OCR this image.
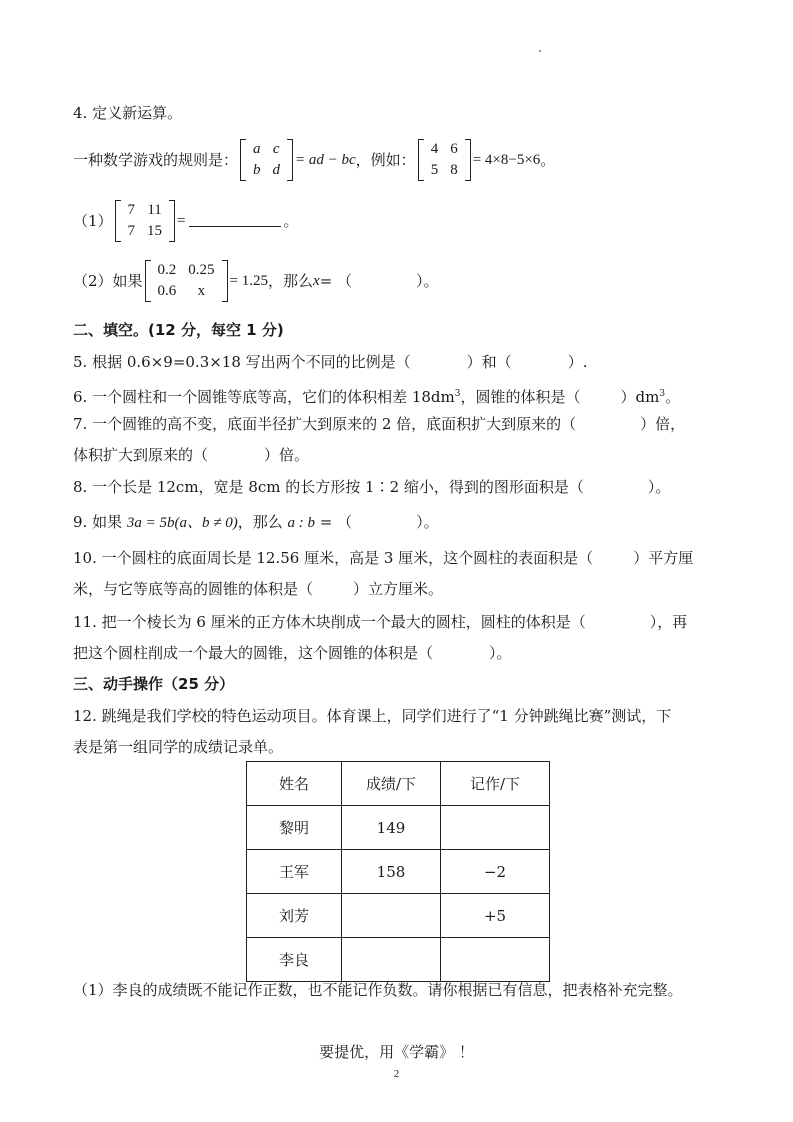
4. 定义新运算。
一种数学游戏的规则是：
a	c
b	d
= ad − bc ，例如：
4	6
5	8
= 4×8−5×6 。
（1）
7	11
7	15
=	。
（2）如果
0.2	0.25
0.6	x
= 1.25 ，那么 x = （	）。
二、填空。(12 分，每空 1 分)
5. 根据 0.6×9=0.3×18 写出两个不同的比例是（	）和（	）.
6. 一个圆柱和一个圆锥等底等高，它们的体积相差 $18dm^3$，圆锥的体积是（	）$dm^3$。
7. 一个圆锥的高不变，底面半径扩大到原来的 2 倍，底面积扩大到原来的（	）倍，
体积扩大到原来的（	）倍。
8. 一个长是 12cm，宽是 8cm 的长方形按 1∶2 缩小，得到的图形面积是（	）。
9. 如果 3a = 5b(a、b ≠ 0)，那么 a : b = （	）。
10. 一个圆柱的底面周长是 12.56 厘米，高是 3 厘米，这个圆柱的表面积是（	）平方厘
米，与它等底等高的圆锥的体积是（	）立方厘米。
11. 把一个棱长为 6 厘米的正方体木块削成一个最大的圆柱，圆柱的体积是（	），再
把这个圆柱削成一个最大的圆锥，这个圆锥的体积是（	）。
三、动手操作（25 分）
12. 跳绳是我们学校的特色运动项目。体育课上，同学们进行了“1 分钟跳绳比赛”测试，下
表是第一组同学的成绩记录单。
姓名	成绩/下	记作/下
黎明	149	
王军	158	−2
刘芳		+5
李良		
（1）李良的成绩既不能记作正数，也不能记作负数。请你根据已有信息，把表格补充完整。
要提优，用《学霸》 ！
2
